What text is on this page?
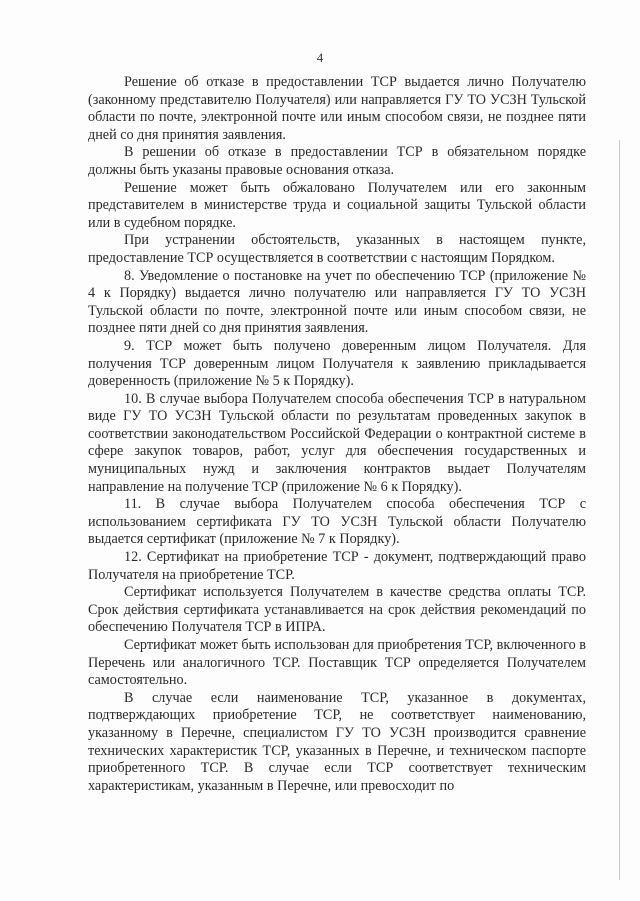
4

Решение об отказе в предоставлении ТСР выдается лично Получателю (законному представителю Получателя) или направляется ГУ ТО УСЗН Тульской области по почте, электронной почте или иным способом связи, не позднее пяти дней со дня принятия заявления.

В решении об отказе в предоставлении ТСР в обязательном порядке должны быть указаны правовые основания отказа.

Решение может быть обжаловано Получателем или его законным представителем в министерстве труда и социальной защиты Тульской области или в судебном порядке.

При устранении обстоятельств, указанных в настоящем пункте, предоставление ТСР осуществляется в соответствии с настоящим Порядком.

8. Уведомление о постановке на учет по обеспечению ТСР (приложение № 4 к Порядку) выдается лично получателю или направляется ГУ ТО УСЗН Тульской области по почте, электронной почте или иным способом связи, не позднее пяти дней со дня принятия заявления.

9. ТСР может быть получено доверенным лицом Получателя. Для получения ТСР доверенным лицом Получателя к заявлению прикладывается доверенность (приложение № 5 к Порядку).

10. В случае выбора Получателем способа обеспечения ТСР в натуральном виде ГУ ТО УСЗН Тульской области по результатам проведенных закупок в соответствии законодательством Российской Федерации о контрактной системе в сфере закупок товаров, работ, услуг для обеспечения государственных и муниципальных нужд и заключения контрактов выдает Получателям направление на получение ТСР (приложение № 6 к Порядку).

11. В случае выбора Получателем способа обеспечения ТСР с использованием сертификата ГУ ТО УСЗН Тульской области Получателю выдается сертификат (приложение № 7 к Порядку).

12. Сертификат на приобретение ТСР - документ, подтверждающий право Получателя на приобретение ТСР.

Сертификат используется Получателем в качестве средства оплаты ТСР. Срок действия сертификата устанавливается на срок действия рекомендаций по обеспечению Получателя ТСР в ИПРА.

Сертификат может быть использован для приобретения ТСР, включенного в Перечень или аналогичного ТСР. Поставщик ТСР определяется Получателем самостоятельно.

В случае если наименование ТСР, указанное в документах, подтверждающих приобретение ТСР, не соответствует наименованию, указанному в Перечне, специалистом ГУ ТО УСЗН производится сравнение технических характеристик ТСР, указанных в Перечне, и техническом паспорте приобретенного ТСР. В случае если ТСР соответствует техническим характеристикам, указанным в Перечне, или превосходит по
